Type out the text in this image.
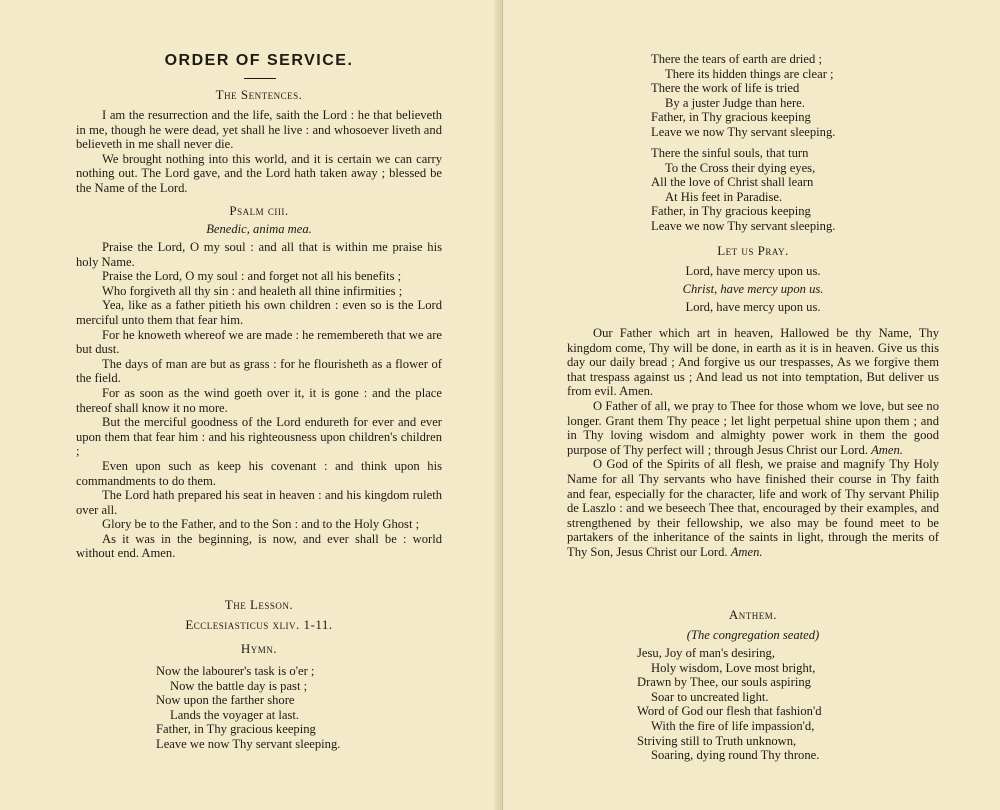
ORDER OF SERVICE.
The Sentences.

I am the resurrection and the life, saith the Lord : he that believeth in me, though he were dead, yet shall he live : and whosoever liveth and believeth in me shall never die.

We brought nothing into this world, and it is certain we can carry nothing out. The Lord gave, and the Lord hath taken away ; blessed be the Name of the Lord.

Psalm ciii.
Benedic, anima mea.

Praise the Lord, O my soul : and all that is within me praise his holy Name.

Praise the Lord, O my soul : and forget not all his benefits ;

Who forgiveth all thy sin : and healeth all thine infirmities ;

Yea, like as a father pitieth his own children : even so is the Lord merciful unto them that fear him.

For he knoweth whereof we are made : he remembereth that we are but dust.

The days of man are but as grass : for he flourisheth as a flower of the field.

For as soon as the wind goeth over it, it is gone : and the place thereof shall know it no more.

But the merciful goodness of the Lord endureth for ever and ever upon them that fear him : and his righteousness upon children's children ;

Even upon such as keep his covenant : and think upon his commandments to do them.

The Lord hath prepared his seat in heaven : and his kingdom ruleth over all.

Glory be to the Father, and to the Son : and to the Holy Ghost ;

As it was in the beginning, is now, and ever shall be : world without end. Amen.

The Lesson.
Ecclesiasticus xliv. 1-11.
Hymn.
Now the labourer's task is o'er ;
Now the battle day is past ;
Now upon the farther shore
Lands the voyager at last.
Father, in Thy gracious keeping
Leave we now Thy servant sleeping.
There the tears of earth are dried ;
There its hidden things are clear ;
There the work of life is tried
By a juster Judge than here.
Father, in Thy gracious keeping
Leave we now Thy servant sleeping.
There the sinful souls, that turn
To the Cross their dying eyes,
All the love of Christ shall learn
At His feet in Paradise.
Father, in Thy gracious keeping
Leave we now Thy servant sleeping.
Let us Pray.
Lord, have mercy upon us.
Christ, have mercy upon us.
Lord, have mercy upon us.

Our Father which art in heaven, Hallowed be thy Name, Thy kingdom come, Thy will be done, in earth as it is in heaven. Give us this day our daily bread ; And forgive us our trespasses, As we forgive them that trespass against us ; And lead us not into temptation, But deliver us from evil. Amen.

O Father of all, we pray to Thee for those whom we love, but see no longer. Grant them Thy peace ; let light perpetual shine upon them ; and in Thy loving wisdom and almighty power work in them the good purpose of Thy perfect will ; through Jesus Christ our Lord. Amen.

O God of the Spirits of all flesh, we praise and magnify Thy Holy Name for all Thy servants who have finished their course in Thy faith and fear, especially for the character, life and work of Thy servant Philip de Laszlo : and we beseech Thee that, encouraged by their examples, and strengthened by their fellowship, we also may be found meet to be partakers of the inheritance of the saints in light, through the merits of Thy Son, Jesus Christ our Lord. Amen.

Anthem.
(The congregation seated)
Jesu, Joy of man's desiring,
Holy wisdom, Love most bright,
Drawn by Thee, our souls aspiring
Soar to uncreated light.
Word of God our flesh that fashion'd
With the fire of life impassion'd,
Striving still to Truth unknown,
Soaring, dying round Thy throne.
